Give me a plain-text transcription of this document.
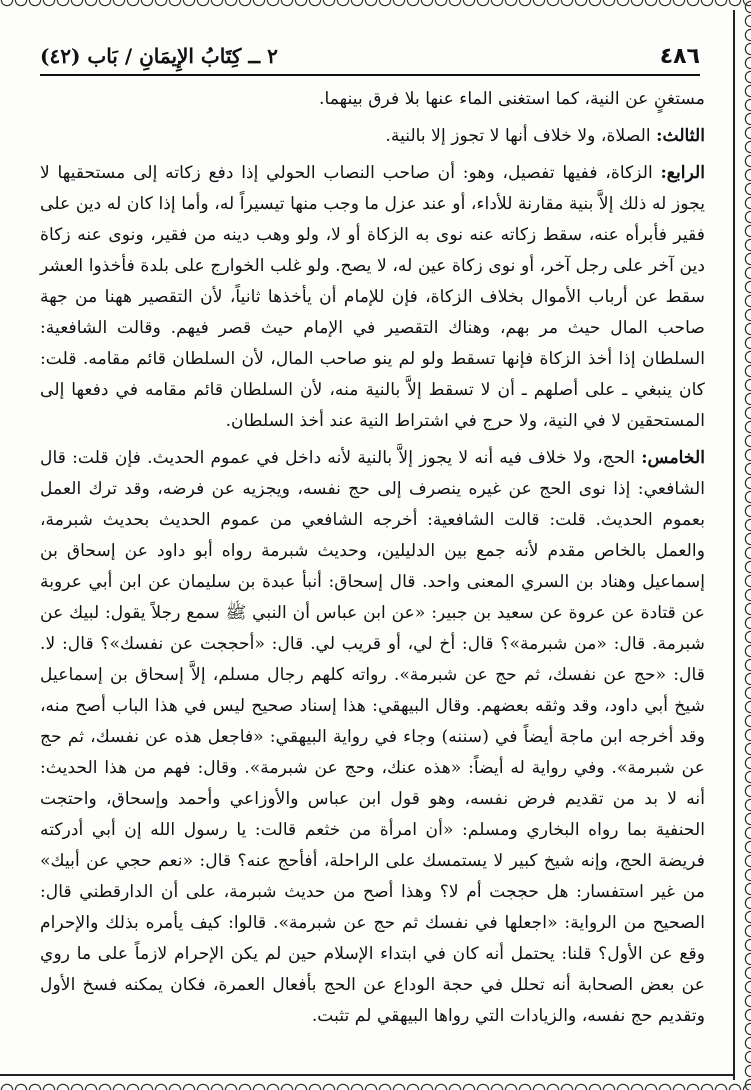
٤٨٦
٢ ــ كِتَابُ الإِيمَانِ / بَاب (٤٢)

مستغنٍ عن النية، كما استغنى الماء عنها بلا فرق بينهما.

الثالث: الصلاة، ولا خلاف أنها لا تجوز إلا بالنية.

الرابع: الزكاة، ففيها تفصيل، وهو: أن صاحب النصاب الحولي إذا دفع زكاته إلى مستحقيها لا يجوز له ذلك إلاَّ بنية مقارنة للأداء، أو عند عزل ما وجب منها تيسيراً له، وأما إذا كان له دين على فقير فأبرأه عنه، سقط زكاته عنه نوى به الزكاة أو لا، ولو وهب دينه من فقير، ونوى عنه زكاة دين آخر على رجل آخر، أو نوى زكاة عين له، لا يصح. ولو غلب الخوارج على بلدة فأخذوا العشر سقط عن أرباب الأموال بخلاف الزكاة، فإن للإمام أن يأخذها ثانياً، لأن التقصير ههنا من جهة صاحب المال حيث مر بهم، وهناك التقصير في الإمام حيث قصر فيهم. وقالت الشافعية: السلطان إذا أخذ الزكاة فإنها تسقط ولو لم ينو صاحب المال، لأن السلطان قائم مقامه. قلت: كان ينبغي ـ على أصلهم ـ أن لا تسقط إلاَّ بالنية منه، لأن السلطان قائم مقامه في دفعها إلى المستحقين لا في النية، ولا حرج في اشتراط النية عند أخذ السلطان.

الخامس: الحج، ولا خلاف فيه أنه لا يجوز إلاَّ بالنية لأنه داخل في عموم الحديث. فإن قلت: قال الشافعي: إذا نوى الحج عن غيره ينصرف إلى حج نفسه، ويجزيه عن فرضه، وقد ترك العمل بعموم الحديث. قلت: قالت الشافعية: أخرجه الشافعي من عموم الحديث بحديث شبرمة، والعمل بالخاص مقدم لأنه جمع بين الدليلين، وحديث شبرمة رواه أبو داود عن إسحاق بن إسماعيل وهناد بن السري المعنى واحد. قال إسحاق: أنبأ عبدة بن سليمان عن ابن أبي عروبة عن قتادة عن عروة عن سعيد بن جبير: «عن ابن عباس أن النبي ﷺ سمع رجلاً يقول: لبيك عن شبرمة. قال: «من شبرمة»؟ قال: أخ لي، أو قريب لي. قال: «أحججت عن نفسك»؟ قال: لا. قال: «حج عن نفسك، ثم حج عن شبرمة». رواته كلهم رجال مسلم، إلاَّ إسحاق بن إسماعيل شيخ أبي داود، وقد وثقه بعضهم. وقال البيهقي: هذا إسناد صحيح ليس في هذا الباب أصح منه، وقد أخرجه ابن ماجة أيضاً في (سننه) وجاء في رواية البيهقي: «فاجعل هذه عن نفسك، ثم حج عن شبرمة». وفي رواية له أيضاً: «هذه عنك، وحج عن شبرمة». وقال: فهم من هذا الحديث: أنه لا بد من تقديم فرض نفسه، وهو قول ابن عباس والأوزاعي وأحمد وإسحاق، واحتجت الحنفية بما رواه البخاري ومسلم: «أن امرأة من خثعم قالت: يا رسول الله إن أبي أدركته فريضة الحج، وإنه شيخ كبير لا يستمسك على الراحلة، أفأحج عنه؟ قال: «نعم حجي عن أبيك» من غير استفسار: هل حججت أم لا؟ وهذا أصح من حديث شبرمة، على أن الدارقطني قال: الصحيح من الرواية: «اجعلها في نفسك ثم حج عن شبرمة». قالوا: كيف يأمره بذلك والإحرام وقع عن الأول؟ قلنا: يحتمل أنه كان في ابتداء الإسلام حين لم يكن الإحرام لازماً على ما روي عن بعض الصحابة أنه تحلل في حجة الوداع عن الحج بأفعال العمرة، فكان يمكنه فسخ الأول وتقديم حج نفسه، والزيادات التي رواها البيهقي لم تثبت.
